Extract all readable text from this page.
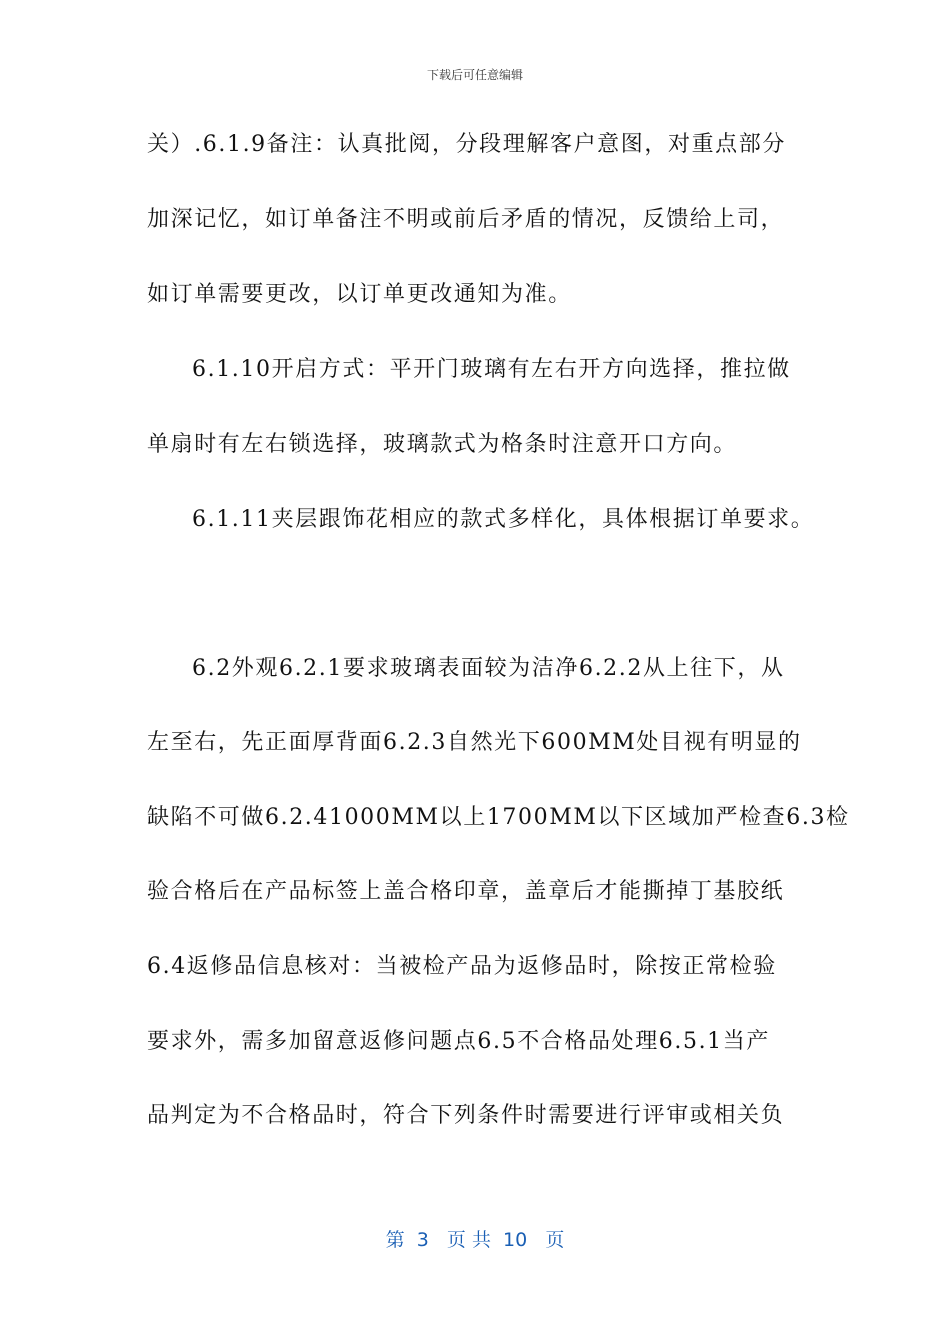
下载后可任意编辑
关）.6.1.9备注：认真批阅，分段理解客户意图，对重点部分
加深记忆，如订单备注不明或前后矛盾的情况，反馈给上司，
如订单需要更改，以订单更改通知为准。
6.1.10开启方式：平开门玻璃有左右开方向选择，推拉做
单扇时有左右锁选择，玻璃款式为格条时注意开口方向。
6.1.11夹层跟饰花相应的款式多样化，具体根据订单要求。
6.2外观6.2.1要求玻璃表面较为洁净6.2.2从上往下，从
左至右，先正面厚背面6.2.3自然光下600MM处目视有明显的
缺陷不可做6.2.41000MM以上1700MM以下区域加严检查6.3检
验合格后在产品标签上盖合格印章，盖章后才能撕掉丁基胶纸
6.4返修品信息核对：当被检产品为返修品时，除按正常检验
要求外，需多加留意返修问题点6.5不合格品处理6.5.1当产
品判定为不合格品时，符合下列条件时需要进行评审或相关负
第  3   页 共  10   页
